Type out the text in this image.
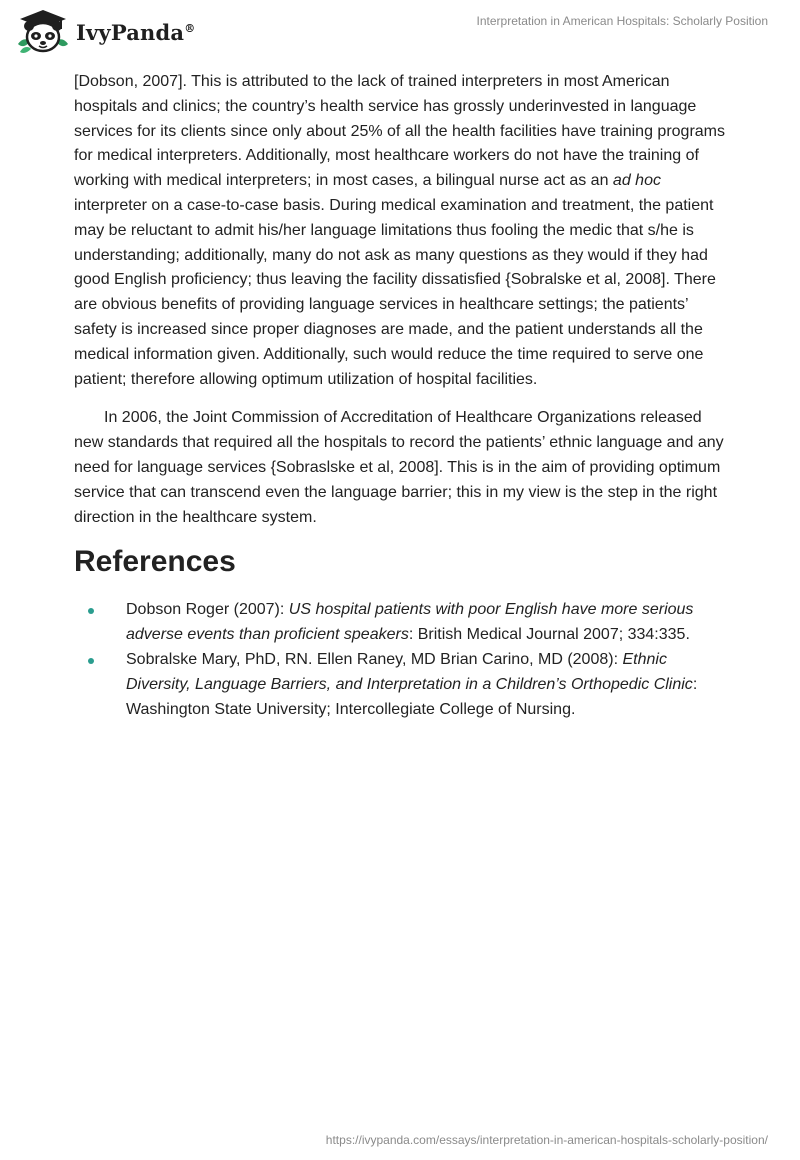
IvyPanda®	Interpretation in American Hospitals: Scholarly Position

[Dobson, 2007]. This is attributed to the lack of trained interpreters in most American hospitals and clinics; the country’s health service has grossly underinvested in language services for its clients since only about 25% of all the health facilities have training programs for medical interpreters. Additionally, most healthcare workers do not have the training of working with medical interpreters; in most cases, a bilingual nurse act as an ad hoc interpreter on a case-to-case basis. During medical examination and treatment, the patient may be reluctant to admit his/her language limitations thus fooling the medic that s/he is understanding; additionally, many do not ask as many questions as they would if they had good English proficiency; thus leaving the facility dissatisfied {Sobralske et al, 2008]. There are obvious benefits of providing language services in healthcare settings; the patients’ safety is increased since proper diagnoses are made, and the patient understands all the medical information given. Additionally, such would reduce the time required to serve one patient; therefore allowing optimum utilization of hospital facilities.

In 2006, the Joint Commission of Accreditation of Healthcare Organizations released new standards that required all the hospitals to record the patients’ ethnic language and any need for language services {Sobraslske et al, 2008]. This is in the aim of providing optimum service that can transcend even the language barrier; this in my view is the step in the right direction in the healthcare system.

References
Dobson Roger (2007): US hospital patients with poor English have more serious adverse events than proficient speakers: British Medical Journal 2007; 334:335.
Sobralske Mary, PhD, RN. Ellen Raney, MD Brian Carino, MD (2008): Ethnic Diversity, Language Barriers, and Interpretation in a Children’s Orthopedic Clinic: Washington State University; Intercollegiate College of Nursing.
https://ivypanda.com/essays/interpretation-in-american-hospitals-scholarly-position/
